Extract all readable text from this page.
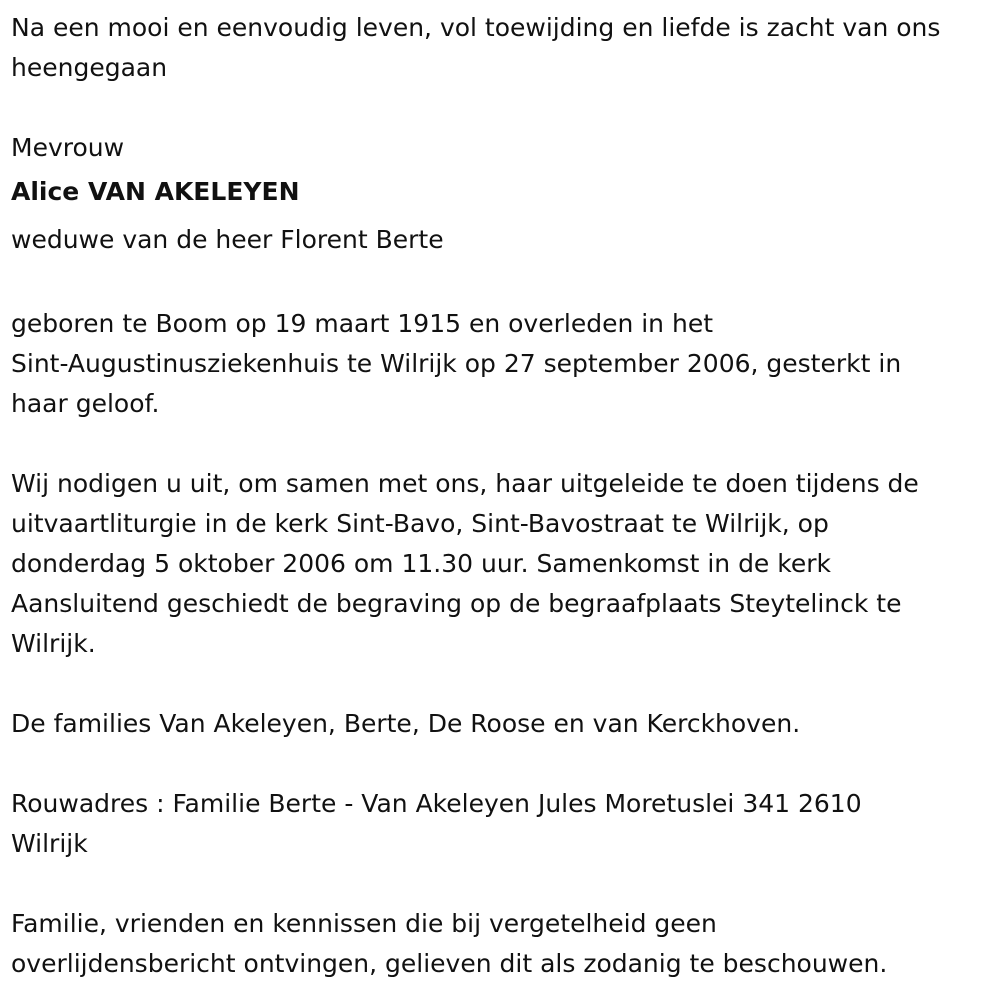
Na een mooi en eenvoudig leven, vol toewijding en liefde is zacht van ons
heengegaan

Mevrouw

Alice VAN AKELEYEN

weduwe van de heer Florent Berte

geboren te Boom op 19 maart 1915 en overleden in het
Sint-Augustinusziekenhuis te Wilrijk op 27 september 2006, gesterkt in
haar geloof.

Wij nodigen u uit, om samen met ons, haar uitgeleide te doen tijdens de
uitvaartliturgie in de kerk Sint-Bavo, Sint-Bavostraat te Wilrijk, op
donderdag 5 oktober 2006 om 11.30 uur. Samenkomst in de kerk
Aansluitend geschiedt de begraving op de begraafplaats Steytelinck te
Wilrijk.

De families Van Akeleyen, Berte, De Roose en van Kerckhoven.

Rouwadres : Familie Berte - Van Akeleyen Jules Moretuslei 341 2610
Wilrijk

Familie, vrienden en kennissen die bij vergetelheid geen
overlijdensbericht ontvingen, gelieven dit als zodanig te beschouwen.
